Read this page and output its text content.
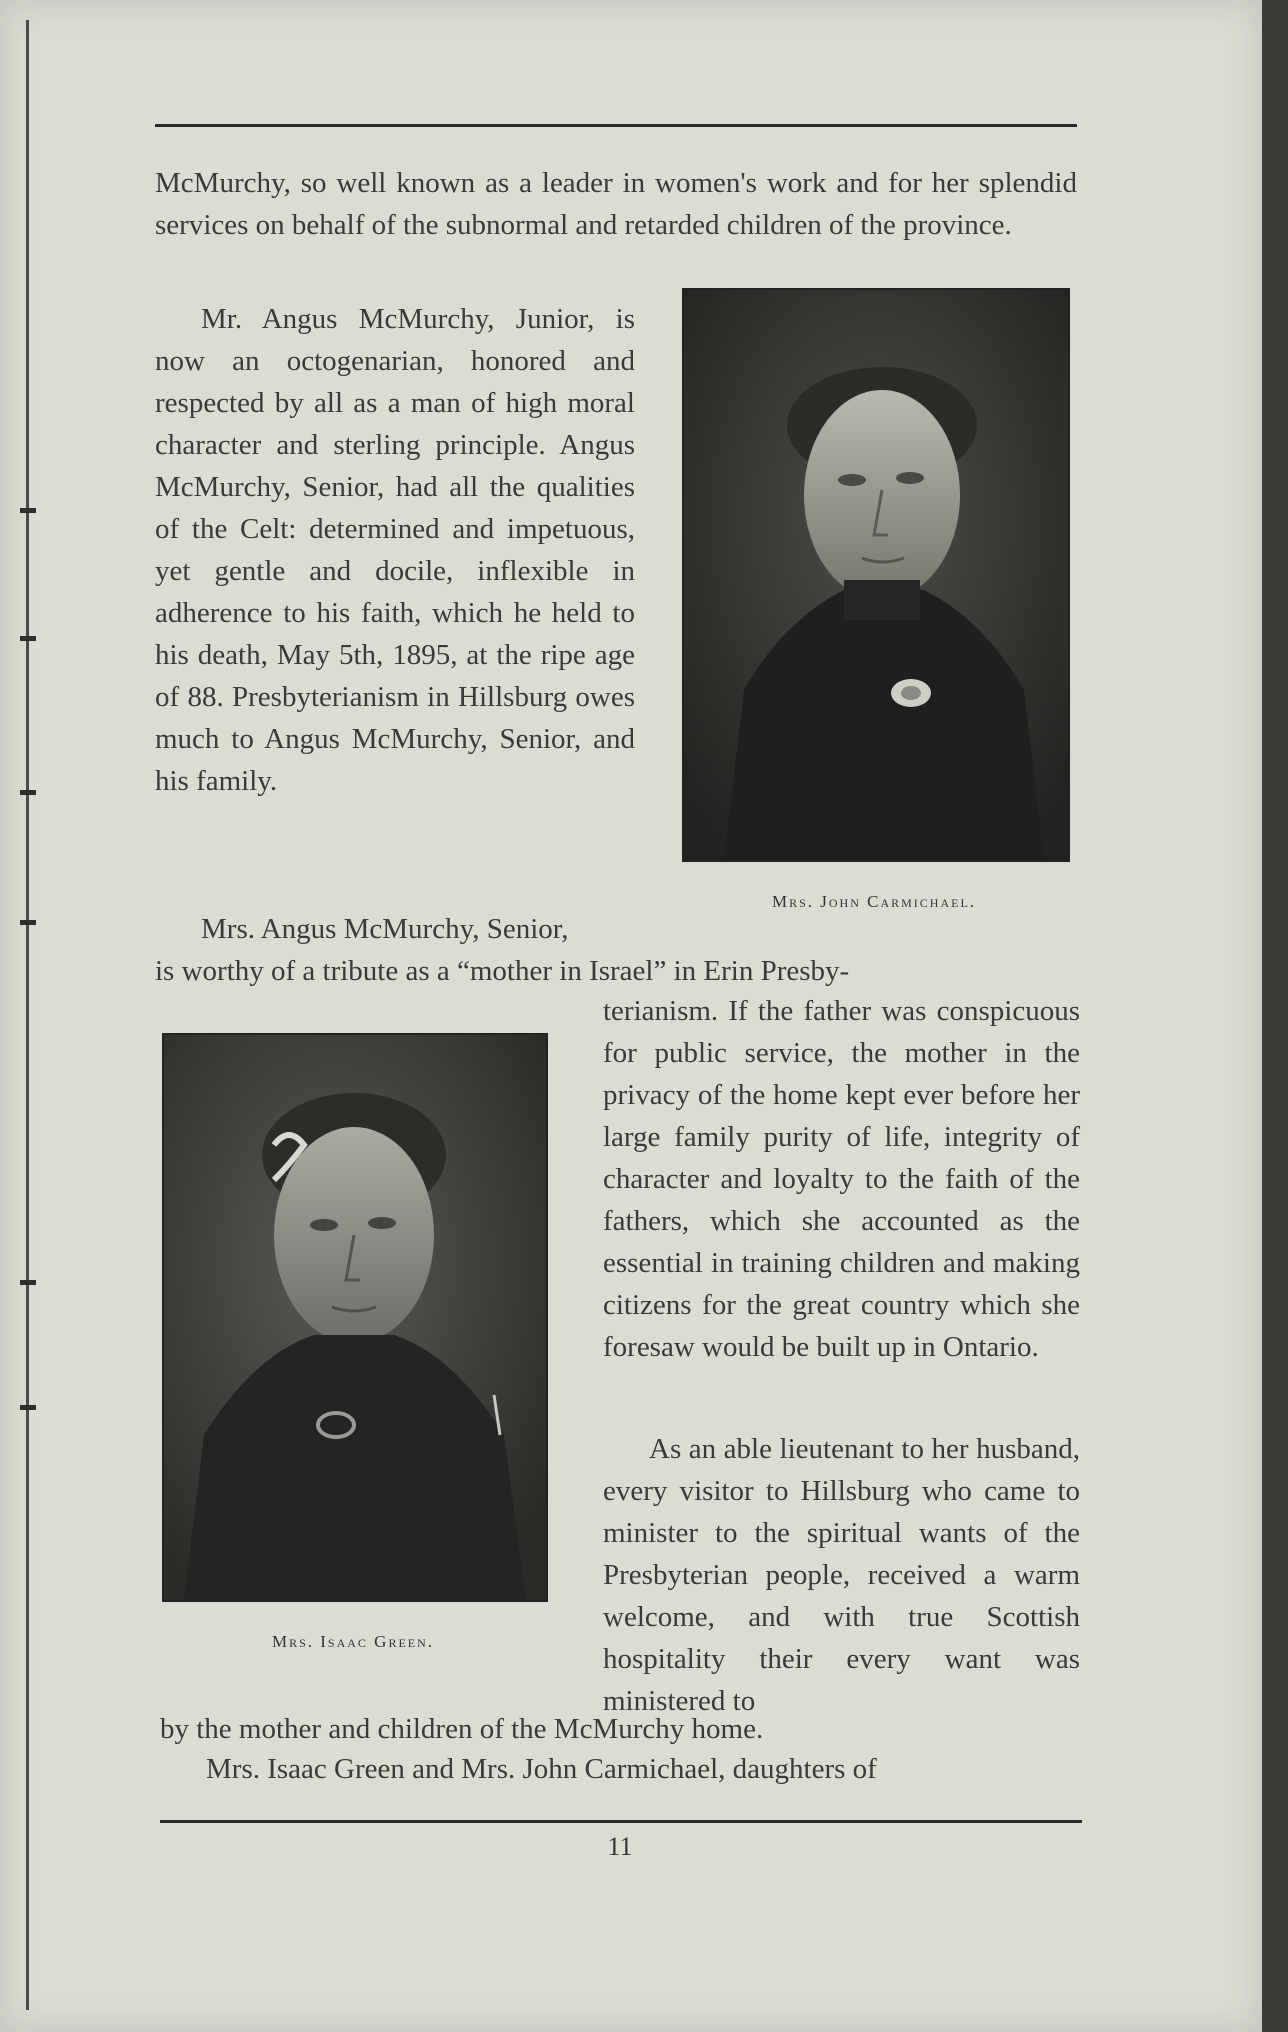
McMurchy, so well known as a leader in women's work and for her splendid services on behalf of the subnormal and retarded children of the province.

Mr. Angus McMurchy, Junior, is now an octogenarian, honored and respected by all as a man of high moral character and sterling principle. Angus McMurchy, Senior, had all the qualities of the Celt: determined and impetuous, yet gentle and docile, inflexible in adherence to his faith, which he held to his death, May 5th, 1895, at the ripe age of 88. Presbyterianism in Hillsburg owes much to Angus McMurchy, Senior, and his family.

Mrs. Angus McMurchy, Senior,

is worthy of a tribute as a “mother in Israel” in Erin Presby-

terianism. If the father was conspicuous for public service, the mother in the privacy of the home kept ever before her large family purity of life, integrity of character and loyalty to the faith of the fathers, which she accounted as the essential in training children and making citizens for the great country which she foresaw would be built up in Ontario.

As an able lieutenant to her husband, every visitor to Hillsburg who came to minister to the spiritual wants of the Presbyterian people, received a warm welcome, and with true Scottish hospitality their every want was ministered to

by the mother and children of the McMurchy home.

Mrs. Isaac Green and Mrs. John Carmichael, daughters of

Mrs. John Carmichael.
Mrs. Isaac Green.
11
